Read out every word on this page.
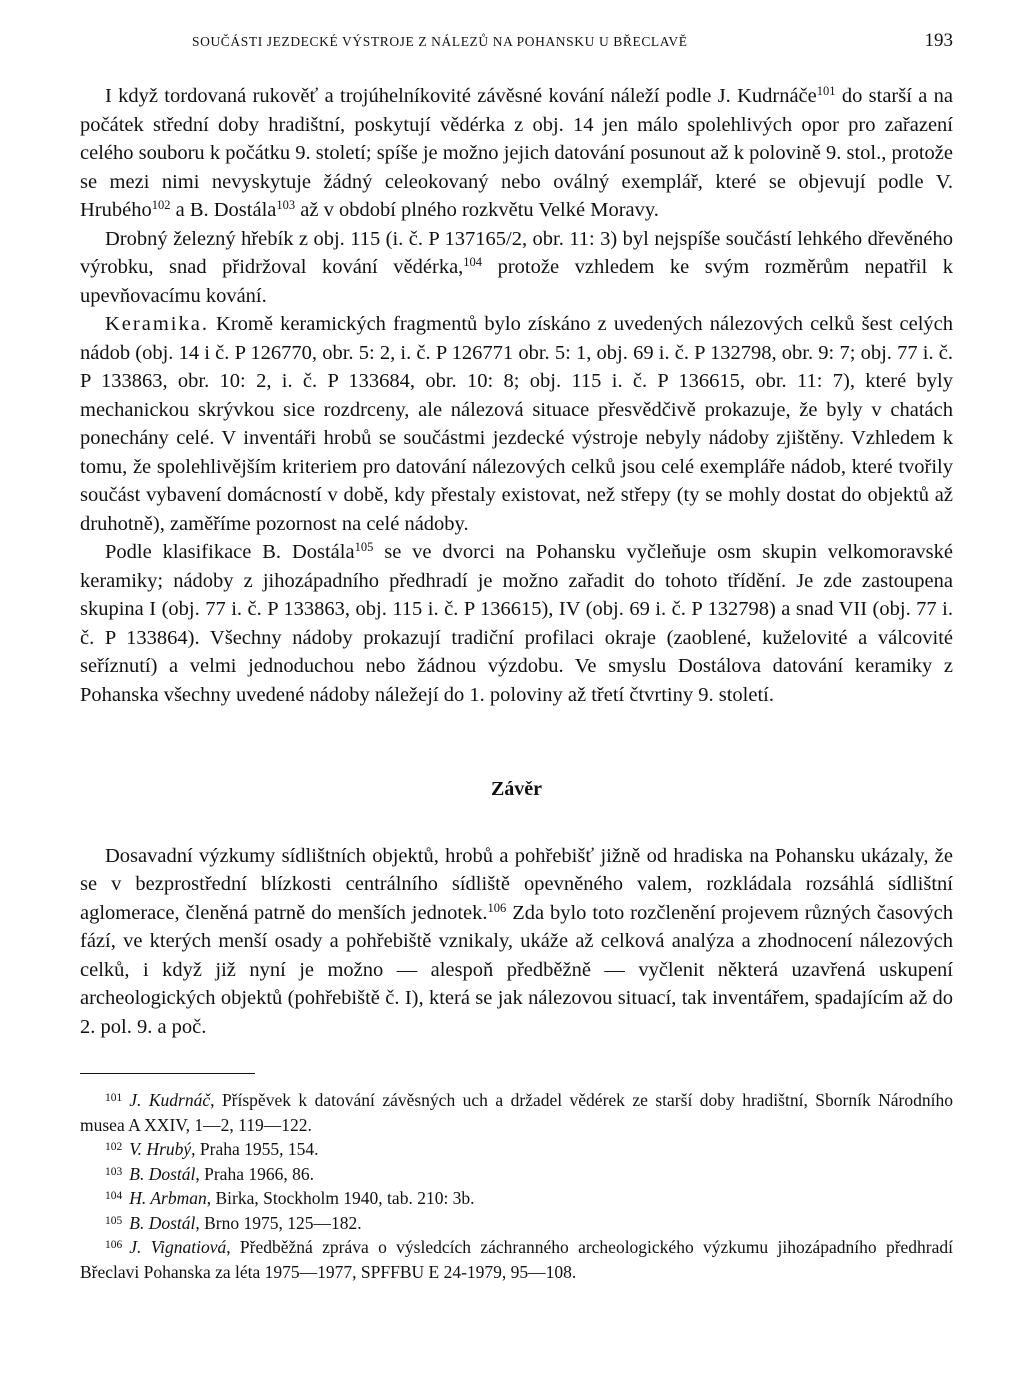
SOUČÁSTI JEZDECKÉ VÝSTROJE Z NÁLEZŮ NA POHANSKU U BŘECLAVĚ	193

I když tordovaná rukověť a trojúhelníkovité závěsné kování náleží podle J. Kudrnáče$^{101}$ do starší a na počátek střední doby hradištní, poskytují vědérka z obj. 14 jen málo spolehlivých opor pro zařazení celého souboru k počátku 9. století; spíše je možno jejich datování posunout až k polovině 9. stol., protože se mezi nimi nevyskytuje žádný celeokovaný nebo oválný exemplář, které se objevují podle V. Hrubého$^{102}$ a B. Dostála$^{103}$ až v období plného rozkvětu Velké Moravy.

Drobný železný hřebík z obj. 115 (i. č. P 137165/2, obr. 11: 3) byl nejspíše součástí lehkého dřevěného výrobku, snad přidržoval kování vědérka,$^{104}$ protože vzhledem ke svým rozměrům nepatřil k upevňovacímu kování.

Keramika. Kromě keramických fragmentů bylo získáno z uvedených nálezových celků šest celých nádob (obj. 14 i č. P 126770, obr. 5: 2, i. č. P 126771 obr. 5: 1, obj. 69 i. č. P 132798, obr. 9: 7; obj. 77 i. č. P 133863, obr. 10: 2, i. č. P 133684, obr. 10: 8; obj. 115 i. č. P 136615, obr. 11: 7), které byly mechanickou skrývkou sice rozdrceny, ale nálezová situace přesvědčivě prokazuje, že byly v chatách ponechány celé. V inventáři hrobů se součástmi jezdecké výstroje nebyly nádoby zjištěny. Vzhledem k tomu, že spolehlivějším kriteriem pro datování nálezových celků jsou celé exempláře nádob, které tvořily součást vybavení domácností v době, kdy přestaly existovat, než střepy (ty se mohly dostat do objektů až druhotně), zaměříme pozornost na celé nádoby.

Podle klasifikace B. Dostála$^{105}$ se ve dvorci na Pohansku vyčleňuje osm skupin velkomoravské keramiky; nádoby z jihozápadního předhradí je možno zařadit do tohoto třídění. Je zde zastoupena skupina I (obj. 77 i. č. P 133863, obj. 115 i. č. P 136615), IV (obj. 69 i. č. P 132798) a snad VII (obj. 77 i. č. P 133864). Všechny nádoby prokazují tradiční profilaci okraje (zaoblené, kuželovité a válcovité seříznutí) a velmi jednoduchou nebo žádnou výzdobu. Ve smyslu Dostálova datování keramiky z Pohanska všechny uvedené nádoby náležejí do 1. poloviny až třetí čtvrtiny 9. století.

Závěr

Dosavadní výzkumy sídlištních objektů, hrobů a pohřebišť jižně od hradiska na Pohansku ukázaly, že se v bezprostřední blízkosti centrálního sídliště opevněného valem, rozkládala rozsáhlá sídlištní aglomerace, členěná patrně do menších jednotek.$^{106}$ Zda bylo toto rozčlenění projevem různých časových fází, ve kterých menší osady a pohřebiště vznikaly, ukáže až celková analýza a zhodnocení nálezových celků, i když již nyní je možno — alespoň předběžně — vyčlenit některá uzavřená uskupení archeologických objektů (pohřebiště č. I), která se jak nálezovou situací, tak inventářem, spadajícím až do 2. pol. 9. a poč.

$^{101}$ J. Kudrnáč, Příspěvek k datování závěsných uch a držadel vědérek ze starší doby hradištní, Sborník Národního musea A XXIV, 1—2, 119—122.

$^{102}$ V. Hrubý, Praha 1955, 154.

$^{103}$ B. Dostál, Praha 1966, 86.

$^{104}$ H. Arbman, Birka, Stockholm 1940, tab. 210: 3b.

$^{105}$ B. Dostál, Brno 1975, 125—182.

$^{106}$ J. Vignatiová, Předběžná zpráva o výsledcích záchranného archeologického výzkumu jihozápadního předhradí Břeclavi Pohanska za léta 1975—1977, SPFFBU E 24-1979, 95—108.
